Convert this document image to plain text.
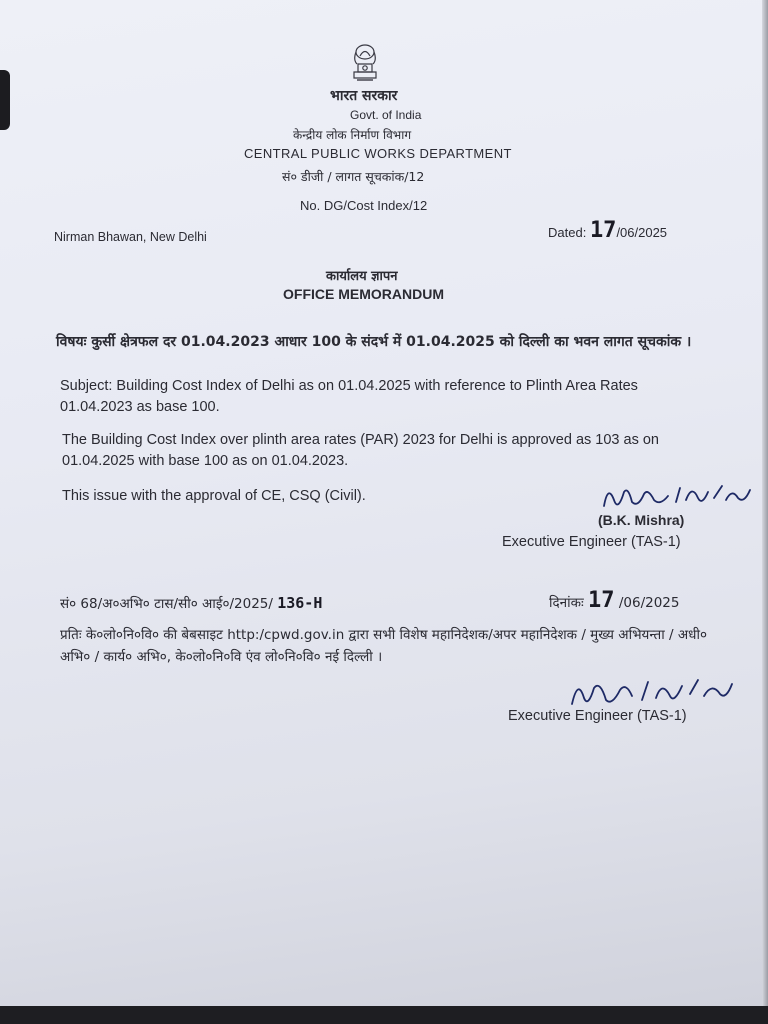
भारत सरकार
Govt. of India
केन्द्रीय लोक निर्माण विभाग
CENTRAL PUBLIC WORKS DEPARTMENT
सं० डीजी / लागत सूचकांक/12
No. DG/Cost Index/12
Nirman Bhawan, New Delhi	Dated: 17/06/2025
कार्यालय ज्ञापन
OFFICE MEMORANDUM
विषयः कुर्सी क्षेत्रफल दर 01.04.2023 आधार 100 के संदर्भ में 01.04.2025 को दिल्ली का भवन लागत सूचकांक ।
Subject: Building Cost Index of Delhi as on 01.04.2025 with reference to Plinth Area Rates 01.04.2023 as base 100.
The Building Cost Index over plinth area rates (PAR) 2023 for Delhi is approved as 103 as on 01.04.2025 with base 100 as on 01.04.2023.
This issue with the approval of CE, CSQ (Civil).
(B.K. Mishra)
Executive Engineer (TAS-1)
सं० 68/अ०अभि० टास/सी० आई०/2025/ 136-H	दिनांकः 17 /06/2025
प्रतिः के०लो०नि०वि० की बेबसाइट http:/cpwd.gov.in द्वारा सभी विशेष महानिदेशक/अपर महानिदेशक / मुख्य अभियन्ता / अधी० अभि० / कार्य० अभि०, के०लो०नि०वि एंव लो०नि०वि० नई दिल्ली ।
Executive Engineer (TAS-1)
